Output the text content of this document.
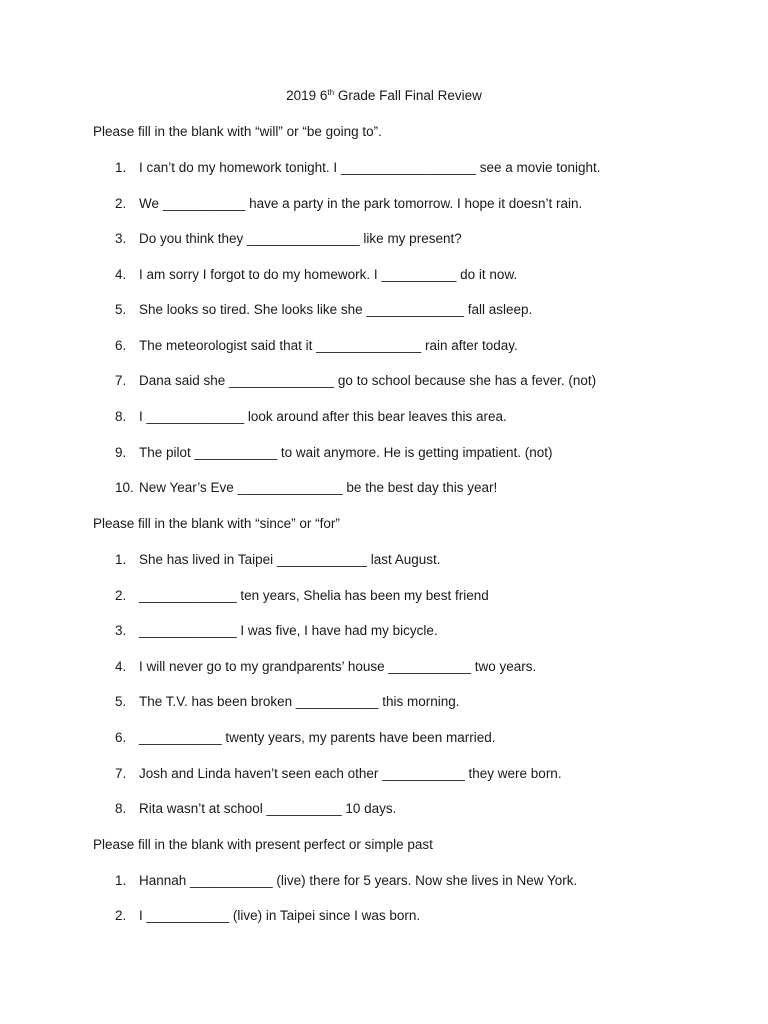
2019 6th Grade Fall Final Review
Please fill in the blank with “will” or “be going to”.
1. I can’t do my homework tonight. I __________________ see a movie tonight.
2. We ___________ have a party in the park tomorrow. I hope it doesn’t rain.
3. Do you think they _______________ like my present?
4. I am sorry I forgot to do my homework. I __________ do it now.
5. She looks so tired. She looks like she _____________ fall asleep.
6. The meteorologist said that it ______________ rain after today.
7. Dana said she ______________ go to school because she has a fever. (not)
8. I _____________ look around after this bear leaves this area.
9. The pilot ___________ to wait anymore. He is getting impatient. (not)
10. New Year’s Eve ______________ be the best day this year!
Please fill in the blank with “since” or “for”
1. She has lived in Taipei ____________ last August.
2. _____________ ten years, Shelia has been my best friend
3. _____________ I was five, I have had my bicycle.
4. I will never go to my grandparents’ house ___________ two years.
5. The T.V. has been broken ___________ this morning.
6. ___________ twenty years, my parents have been married.
7. Josh and Linda haven’t seen each other ___________ they were born.
8. Rita wasn’t at school __________ 10 days.
Please fill in the blank with present perfect or simple past
1. Hannah ___________ (live) there for 5 years. Now she lives in New York.
2. I ___________ (live) in Taipei since I was born.
